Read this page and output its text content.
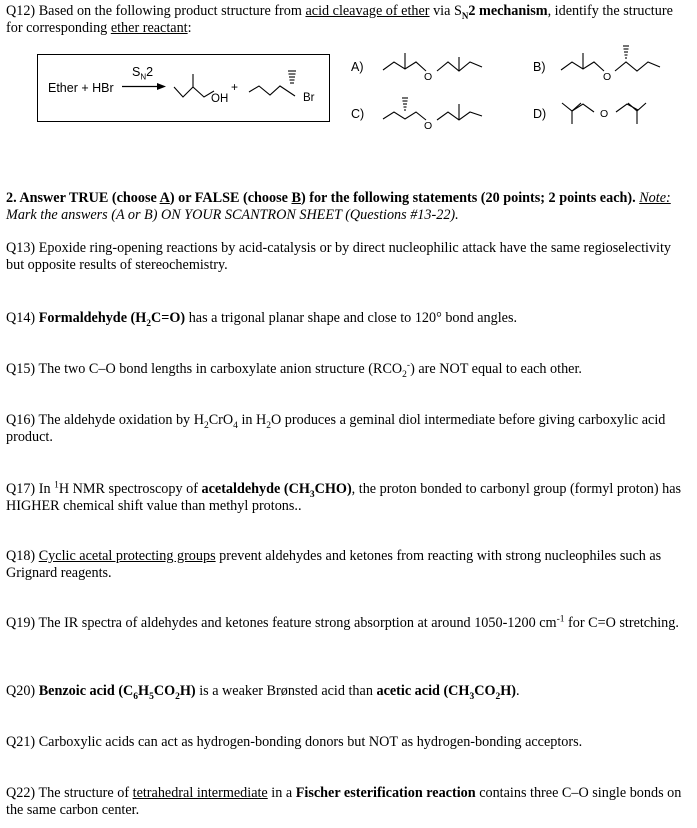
Q12) Based on the following product structure from acid cleavage of ether via $S_N2$ mechanism, identify the structure for corresponding ether reactant:
Ether + HBr
$S_N2$
OH
+
Br
A)
O
B)
O
C)
O
D)	O
2. Answer TRUE (choose A) or FALSE (choose B) for the following statements (20 points; 2 points each). Note: Mark the answers (A or B) ON YOUR SCANTRON SHEET (Questions #13-22).
Q13) Epoxide ring-opening reactions by acid-catalysis or by direct nucleophilic attack have the same regioselectivity but opposite results of stereochemistry.
Q14) Formaldehyde $(H_2C=O)$ has a trigonal planar shape and close to 120° bond angles.
Q15) The two C–O bond lengths in carboxylate anion structure $(RCO_2^-)$ are NOT equal to each other.
Q16) The aldehyde oxidation by $H_2CrO_4$ in $H_2O$ produces a geminal diol intermediate before giving carboxylic acid product.
Q17) In $^1$H NMR spectroscopy of acetaldehyde $(CH_3CHO)$, the proton bonded to carbonyl group (formyl proton) has HIGHER chemical shift value than methyl protons..
Q18) Cyclic acetal protecting groups prevent aldehydes and ketones from reacting with strong nucleophiles such as Grignard reagents.
Q19) The IR spectra of aldehydes and ketones feature strong absorption at around 1050-1200 $cm^{-1}$ for C=O stretching.
Q20) Benzoic acid $(C_6H_5CO_2H)$ is a weaker Brønsted acid than acetic acid $(CH_3CO_2H)$.
Q21) Carboxylic acids can act as hydrogen-bonding donors but NOT as hydrogen-bonding acceptors.
Q22) The structure of tetrahedral intermediate in a Fischer esterification reaction contains three C–O single bonds on the same carbon center.
